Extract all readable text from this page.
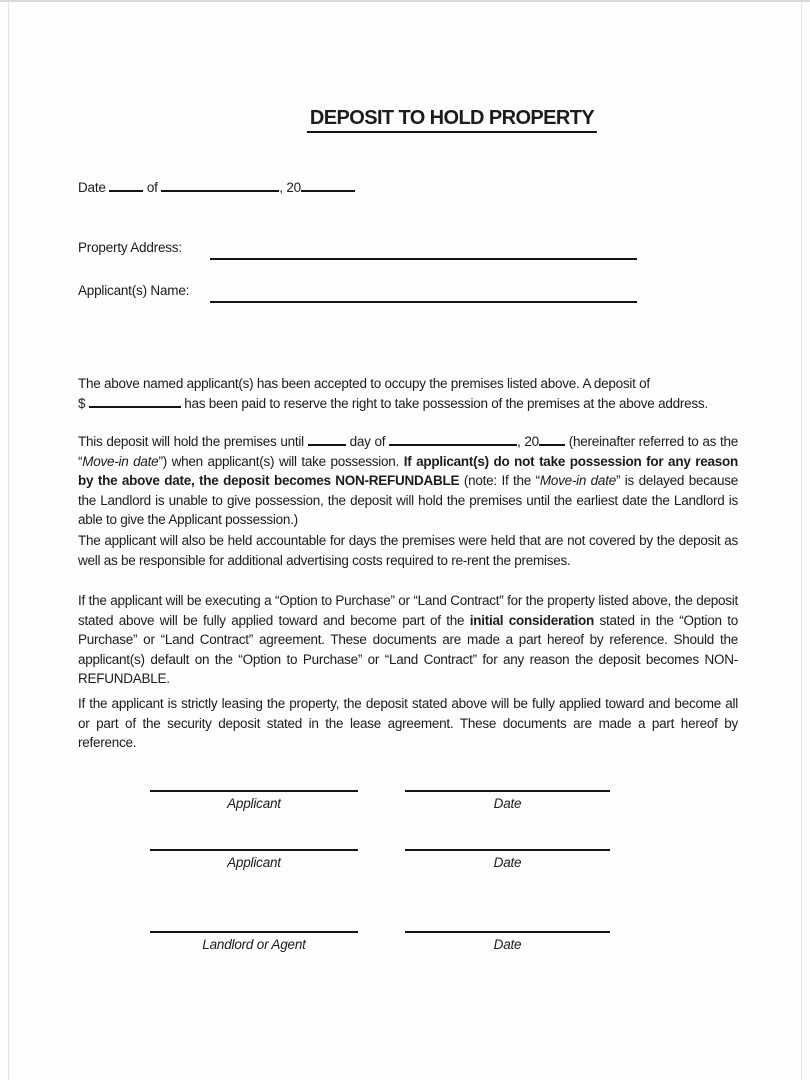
DEPOSIT TO HOLD PROPERTY
Date	of	, 20
Property Address:
Applicant(s) Name:
The above named applicant(s) has been accepted to occupy the premises listed above. A deposit of
$	has been paid to reserve the right to take possession of the premises at the above address.
This deposit will hold the premises until	day of	, 20 (hereinafter referred to as the “Move-in date”) when applicant(s) will take possession. If applicant(s) do not take possession for any reason by the above date, the deposit becomes NON-REFUNDABLE (note: If the “Move-in date” is delayed because the Landlord is unable to give possession, the deposit will hold the premises until the earliest date the Landlord is able to give the Applicant possession.)
The applicant will also be held accountable for days the premises were held that are not covered by the deposit as well as be responsible for additional advertising costs required to re-rent the premises.
If the applicant will be executing a “Option to Purchase” or “Land Contract” for the property listed above, the deposit stated above will be fully applied toward and become part of the initial consideration stated in the “Option to Purchase” or “Land Contract” agreement. These documents are made a part hereof by reference. Should the applicant(s) default on the “Option to Purchase” or “Land Contract” for any reason the deposit becomes NON-REFUNDABLE.
If the applicant is strictly leasing the property, the deposit stated above will be fully applied toward and become all or part of the security deposit stated in the lease agreement. These documents are made a part hereof by reference.
Applicant	Date
Applicant	Date
Landlord or Agent	Date
